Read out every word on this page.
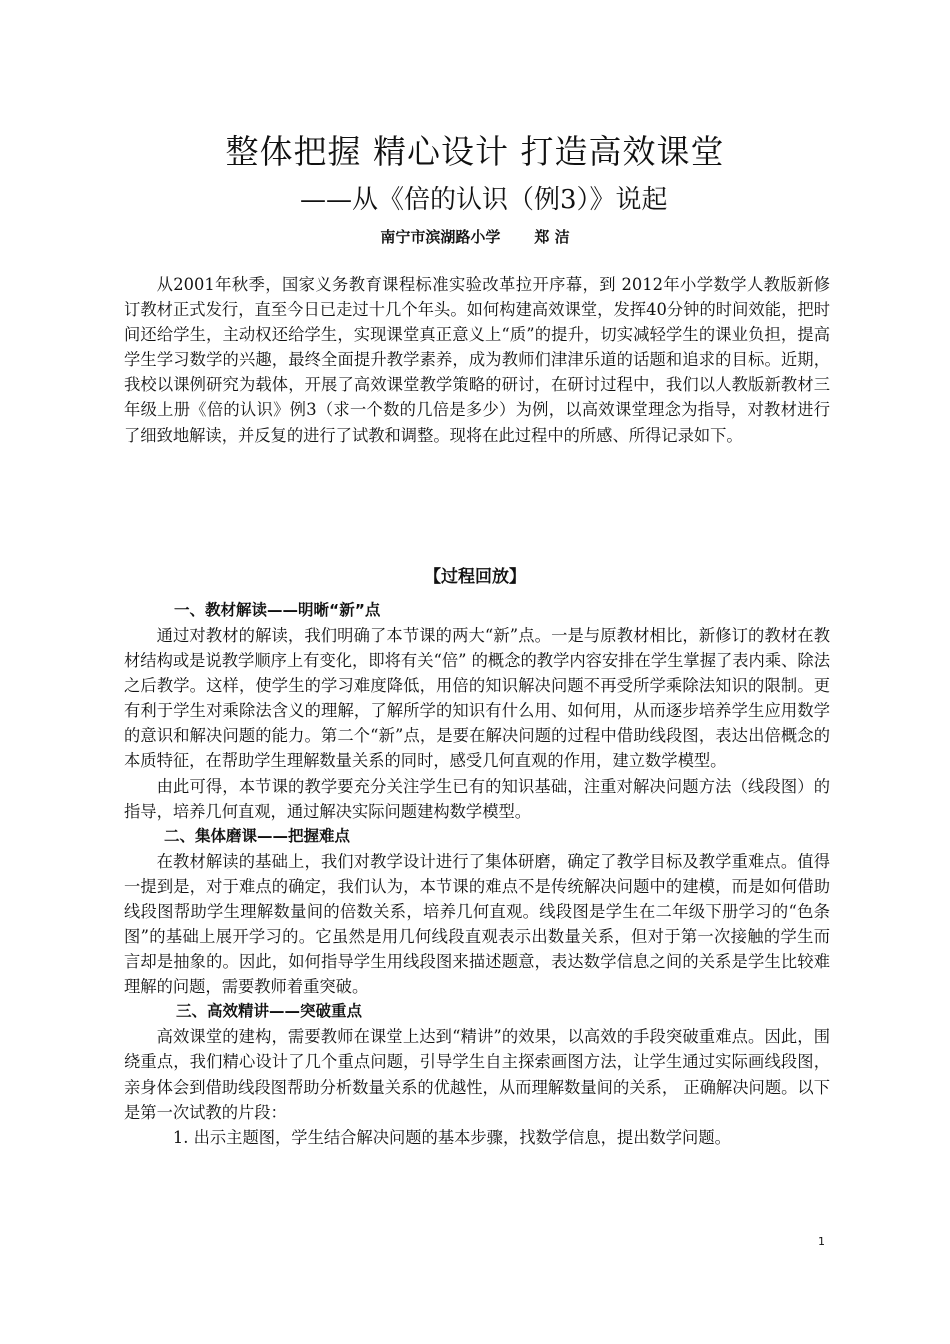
整体把握 精心设计 打造高效课堂
——从《倍的认识（例3）》说起
南宁市滨湖路小学 郑 洁

从2001年秋季，国家义务教育课程标准实验改革拉开序幕，到 2012年小学数学人教版新修订教材正式发行，直至今日已走过十几个年头。如何构建高效课堂，发挥40分钟的时间效能，把时间还给学生，主动权还给学生，实现课堂真正意义上“质”的提升，切实减轻学生的课业负担，提高学生学习数学的兴趣，最终全面提升教学素养，成为教师们津津乐道的话题和追求的目标。近期，我校以课例研究为载体，开展了高效课堂教学策略的研讨，在研讨过程中，我们以人教版新教材三年级上册《倍的认识》例3（求一个数的几倍是多少）为例，以高效课堂理念为指导，对教材进行了细致地解读，并反复的进行了试教和调整。现将在此过程中的所感、所得记录如下。

【过程回放】
一、教材解读——明晰“新”点

通过对教材的解读，我们明确了本节课的两大“新”点。一是与原教材相比，新修订的教材在教材结构或是说教学顺序上有变化，即将有关“倍” 的概念的教学内容安排在学生掌握了表内乘、除法之后教学。这样，使学生的学习难度降低，用倍的知识解决问题不再受所学乘除法知识的限制。更有利于学生对乘除法含义的理解，了解所学的知识有什么用、如何用，从而逐步培养学生应用数学的意识和解决问题的能力。第二个“新”点，是要在解决问题的过程中借助线段图，表达出倍概念的本质特征，在帮助学生理解数量关系的同时，感受几何直观的作用，建立数学模型。

由此可得，本节课的教学要充分关注学生已有的知识基础，注重对解决问题方法（线段图）的指导，培养几何直观，通过解决实际问题建构数学模型。

二、集体磨课——把握难点

在教材解读的基础上，我们对教学设计进行了集体研磨，确定了教学目标及教学重难点。值得一提到是，对于难点的确定，我们认为，本节课的难点不是传统解决问题中的建模，而是如何借助线段图帮助学生理解数量间的倍数关系，培养几何直观。线段图是学生在二年级下册学习的“色条图”的基础上展开学习的。它虽然是用几何线段直观表示出数量关系，但对于第一次接触的学生而言却是抽象的。因此，如何指导学生用线段图来描述题意，表达数学信息之间的关系是学生比较难理解的问题，需要教师着重突破。

三、高效精讲——突破重点

高效课堂的建构，需要教师在课堂上达到“精讲”的效果，以高效的手段突破重难点。因此，围绕重点，我们精心设计了几个重点问题，引导学生自主探索画图方法，让学生通过实际画线段图，亲身体会到借助线段图帮助分析数量关系的优越性，从而理解数量间的关系， 正确解决问题。以下是第一次试教的片段：

1. 出示主题图，学生结合解决问题的基本步骤，找数学信息，提出数学问题。

1
